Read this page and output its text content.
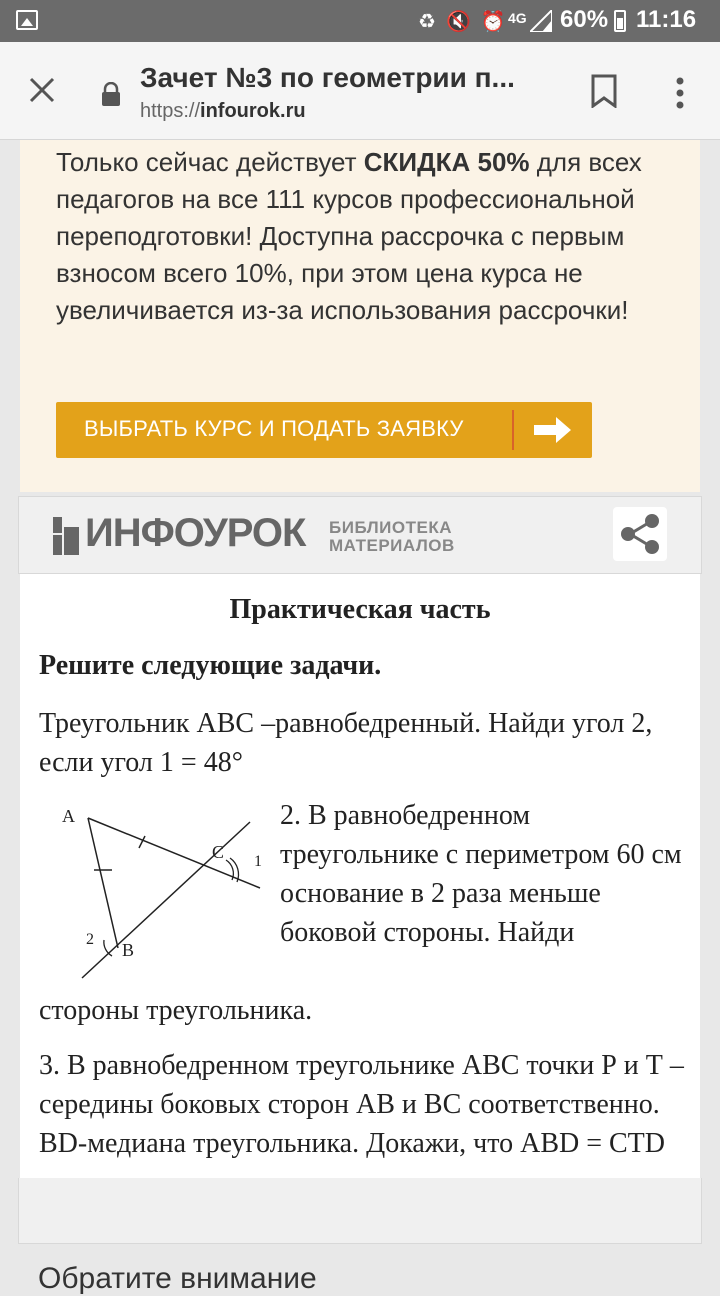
♻ 🔇 ⏰ 4G 60% 11:16
Зачет №3 по геометрии п...
https://infourok.ru
Только сейчас действует СКИДКА 50% для всех педагогов на все 111 курсов профессиональной переподготовки! Доступна рассрочка с первым взносом всего 10%, при этом цена курса не увеличивается из-за использования рассрочки!
ВЫБРАТЬ КУРС И ПОДАТЬ ЗАЯВКУ
ИНФОУРОК БИБЛИОТЕКА
МАТЕРИАЛОВ
Практическая часть
Решите следующие задачи.
Треугольник АВС –равнобедренный. Найди угол 2, если угол 1 = 48°
A
B
C 1
2
2. В равнобедренном треугольнике с периметром 60 см основание в 2 раза меньше боковой стороны. Найди
стороны треугольника.
3. В равнобедренном треугольнике АВС точки Р и Т – середины боковых сторон АВ и ВС соответственно. BD-медиана треугольника. Докажи, что ABD = CTD
Обратите внимание
